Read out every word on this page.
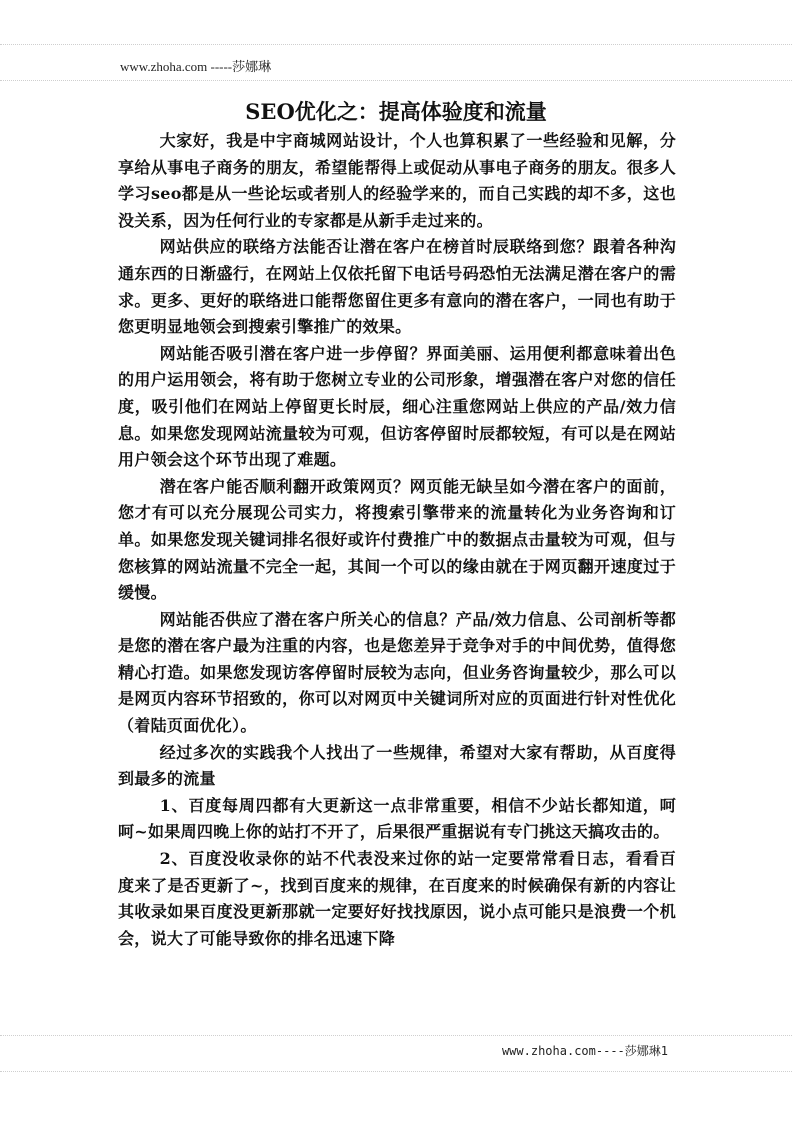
www.zhoha.com -----莎娜琳
SEO优化之：提高体验度和流量

大家好，我是中宇商城网站设计，个人也算积累了一些经验和见解，分享给从事电子商务的朋友，希望能帮得上或促动从事电子商务的朋友。很多人学习seo都是从一些论坛或者别人的经验学来的，而自己实践的却不多，这也没关系，因为任何行业的专家都是从新手走过来的。

网站供应的联络方法能否让潜在客户在榜首时辰联络到您？跟着各种沟通东西的日渐盛行，在网站上仅依托留下电话号码恐怕无法满足潜在客户的需求。更多、更好的联络进口能帮您留住更多有意向的潜在客户，一同也有助于您更明显地领会到搜索引擎推广的效果。

网站能否吸引潜在客户进一步停留？界面美丽、运用便利都意味着出色的用户运用领会，将有助于您树立专业的公司形象，增强潜在客户对您的信任度，吸引他们在网站上停留更长时辰，细心注重您网站上供应的产品/效力信息。如果您发现网站流量较为可观，但访客停留时辰都较短，有可以是在网站用户领会这个环节出现了难题。

潜在客户能否顺利翻开政策网页？网页能无缺呈如今潜在客户的面前，您才有可以充分展现公司实力，将搜索引擎带来的流量转化为业务咨询和订单。如果您发现关键词排名很好或许付费推广中的数据点击量较为可观，但与您核算的网站流量不完全一起，其间一个可以的缘由就在于网页翻开速度过于缓慢。

网站能否供应了潜在客户所关心的信息？产品/效力信息、公司剖析等都是您的潜在客户最为注重的内容，也是您差异于竞争对手的中间优势，值得您精心打造。如果您发现访客停留时辰较为志向，但业务咨询量较少，那么可以是网页内容环节招致的，你可以对网页中关键词所对应的页面进行针对性优化（着陆页面优化）。

经过多次的实践我个人找出了一些规律，希望对大家有帮助，从百度得到最多的流量

1、百度每周四都有大更新这一点非常重要，相信不少站长都知道，呵呵~如果周四晚上你的站打不开了，后果很严重据说有专门挑这天搞攻击的。

2、百度没收录你的站不代表没来过你的站一定要常常看日志，看看百度来了是否更新了~，找到百度来的规律，在百度来的时候确保有新的内容让其收录如果百度没更新那就一定要好好找找原因，说小点可能只是浪费一个机会，说大了可能导致你的排名迅速下降

www.zhoha.com----莎娜琳1
